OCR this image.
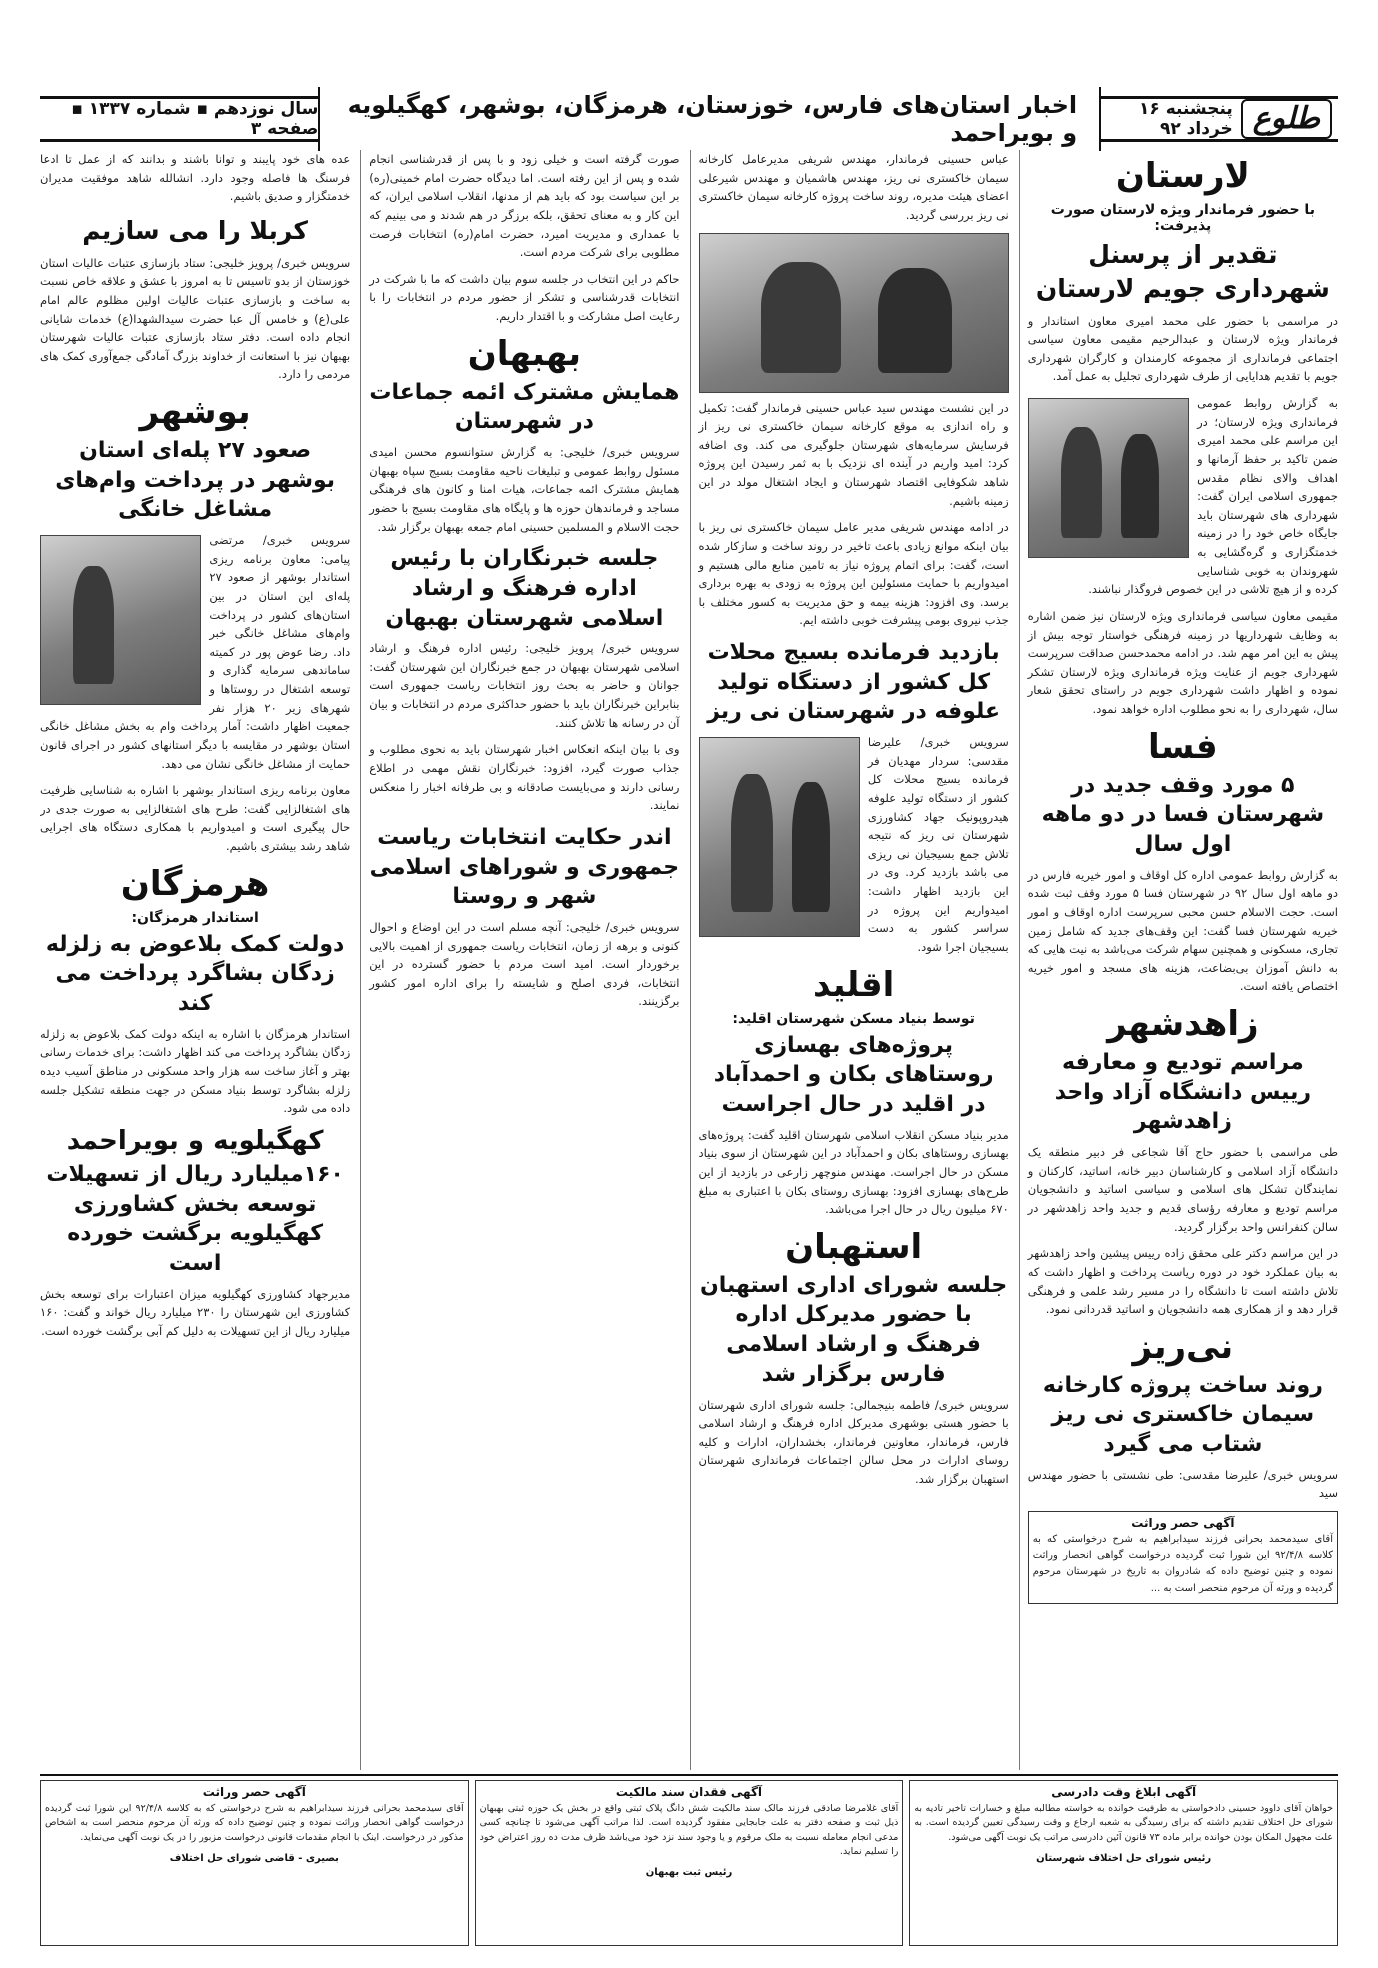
طلوع
پنجشنبه ۱۶ خرداد ۹۲
اخبار استان‌های فارس، خوزستان، هرمزگان، بوشهر، کهگیلویه و بویراحمد
سال نوزدهم ▪ شماره ۱۳۳۷ ▪ صفحه ۳
لارستان
با حضور فرماندار ویژه لارستان صورت پذیرفت:
تقدیر از پرسنل شهرداری جویم لارستان

در مراسمی با حضور علی محمد امیری معاون استاندار و فرماندار ویژه لارستان و عبدالرحیم مقیمی معاون سیاسی اجتماعی فرمانداری از مجموعه کارمندان و کارگران شهرداری جویم با تقدیم هدایایی از طرف شهرداری تجلیل به عمل آمد.

به گزارش روابط عمومی فرمانداری ویژه لارستان؛ در این مراسم علی محمد امیری ضمن تاکید بر حفظ آرمانها و اهداف والای نظام مقدس جمهوری اسلامی ایران گفت: شهرداری های شهرستان باید جایگاه خاص خود را در زمینه خدمتگزاری و گره‌گشایی به شهروندان به خوبی شناسایی کرده و از هیچ تلاشی در این خصوص فروگذار نباشند.

مقیمی معاون سیاسی فرمانداری ویژه لارستان نیز ضمن اشاره به وظایف شهرداریها در زمینه فرهنگی خواستار توجه بیش از پیش به این امر مهم شد. در ادامه محمدحسن صداقت سرپرست شهرداری جویم از عنایت ویژه فرمانداری ویژه لارستان تشکر نموده و اظهار داشت شهرداری جویم در راستای تحقق شعار سال، شهرداری را به نحو مطلوب اداره خواهد نمود.

فسا
۵ مورد وقف جدید در شهرستان فسا در دو ماهه اول سال

به گزارش روابط عمومی اداره کل اوقاف و امور خیریه فارس در دو ماهه اول سال ۹۲ در شهرستان فسا ۵ مورد وقف ثبت شده است. حجت الاسلام حسن محبی سرپرست اداره اوقاف و امور خیریه شهرستان فسا گفت: این وقف‌های جدید که شامل زمین تجاری، مسکونی و همچنین سهام شرکت می‌باشد به نیت هایی که به دانش آموزان بی‌بضاعت، هزینه های مسجد و امور خیریه اختصاص یافته است.

زاهدشهر
مراسم تودیع و معارفه رییس دانشگاه آزاد واحد زاهدشهر

طی مراسمی با حضور حاج آقا شجاعی فر دبیر منطقه یک دانشگاه آزاد اسلامی و کارشناسان دبیر خانه، اساتید، کارکنان و نمایندگان تشکل های اسلامی و سیاسی اساتید و دانشجویان مراسم تودیع و معارفه رؤسای قدیم و جدید واحد زاهدشهر در سالن کنفرانس واحد برگزار گردید.

در این مراسم دکتر علی محقق زاده رییس پیشین واحد زاهدشهر به بیان عملکرد خود در دوره ریاست پرداخت و اظهار داشت که تلاش داشته است تا دانشگاه را در مسیر رشد علمی و فرهنگی قرار دهد و از همکاری همه دانشجویان و اساتید قدردانی نمود.

نی‌ریز
روند ساخت پروژه کارخانه سیمان خاکستری نی ریز شتاب می گیرد

سرویس خبری/ علیرضا مقدسی: طی نشستی با حضور مهندس سید

آگهی حصر وراثت

آقای سیدمحمد بحرانی فرزند سیدابراهیم به شرح درخواستی که به کلاسه ۹۲/۴/۸ این شورا ثبت گردیده درخواست گواهی انحصار وراثت نموده و چنین توضیح داده که شادروان به تاریخ در شهرستان مرحوم گردیده و ورثه آن مرحوم منحصر است به ...

عباس حسینی فرماندار، مهندس شریفی مدیرعامل کارخانه سیمان خاکستری نی ریز، مهندس هاشمیان و مهندس شیرعلی اعضای هیئت مدیره، روند ساخت پروژه کارخانه سیمان خاکستری نی ریز بررسی گردید.

در این نشست مهندس سید عباس حسینی فرماندار گفت: تکمیل و راه اندازی به موقع کارخانه سیمان خاکستری نی ریز از فرسایش سرمایه‌های شهرستان جلوگیری می کند. وی اضافه کرد: امید واریم در آینده ای نزدیک با به ثمر رسیدن این پروژه شاهد شکوفایی اقتصاد شهرستان و ایجاد اشتغال مولد در این زمینه باشیم.

در ادامه مهندس شریفی مدیر عامل سیمان خاکستری نی ریز با بیان اینکه موانع زیادی باعث تاخیر در روند ساخت و سازکار شده است، گفت: برای اتمام پروژه نیاز به تامین منابع مالی هستیم و امیدواریم با حمایت مسئولین این پروژه به زودی به بهره برداری برسد. وی افزود: هزینه بیمه و حق مدیریت به کسور مختلف با جذب نیروی بومی پیشرفت خوبی داشته ایم.

بازدید فرمانده بسیج محلات کل کشور از دستگاه تولید علوفه در شهرستان نی ریز

سرویس خبری/ علیرضا مقدسی: سردار مهدیان فر فرمانده بسیج محلات کل کشور از دستگاه تولید علوفه هیدروپونیک جهاد کشاورزی شهرستان نی ریز که نتیجه تلاش جمع بسیجیان نی ریزی می باشد بازدید کرد. وی در این بازدید اظهار داشت: امیدواریم این پروژه در سراسر کشور به دست بسیجیان اجرا شود.

اقلید
توسط بنیاد مسکن شهرستان اقلید:
پروژه‌های بهسازی روستاهای بکان و احمدآباد در اقلید در حال اجراست

مدیر بنیاد مسکن انقلاب اسلامی شهرستان اقلید گفت: پروژه‌های بهسازی روستاهای بکان و احمدآباد در این شهرستان از سوی بنیاد مسکن در حال اجراست. مهندس منوچهر زارعی در بازدید از این طرح‌های بهسازی افزود: بهسازی روستای بکان با اعتباری به مبلغ ۶۷۰ میلیون ریال در حال اجرا می‌باشد.

استهبان
جلسه شورای اداری استهبان با حضور مدیرکل اداره فرهنگ و ارشاد اسلامی فارس برگزار شد

سرویس خبری/ فاطمه بنیجمالی: جلسه شورای اداری شهرستان با حضور هستی بوشهری مدیرکل اداره فرهنگ و ارشاد اسلامی فارس، فرماندار، معاونین فرماندار، بخشداران، ادارات و کلیه روسای ادارات در محل سالن اجتماعات فرمانداری شهرستان استهبان برگزار شد.

صورت گرفته است و خیلی زود و با پس از قدرشناسی انجام شده و پس از این رفته است. اما دیدگاه حضرت امام خمینی(ره) بر این سیاست بود که باید هم از مدنها، انقلاب اسلامی ایران، که این کار و به معنای تحقق، بلکه برزگر در هم شدند و می بینیم که با عمداری و مدیریت امیرد، حضرت امام(ره) انتخابات فرصت مطلوبی برای شرکت مردم است.

حاکم در این انتخاب در جلسه سوم بیان داشت که ما با شرکت در انتخابات قدرشناسی و تشکر از حضور مردم در انتخابات را با رعایت اصل مشارکت و با اقتدار داریم.

بهبهان
همایش مشترک ائمه جماعات در شهرستان

سرویس خبری/ خلیجی: به گزارش ستوانسوم محسن امیدی مسئول روابط عمومی و تبلیغات ناحیه مقاومت بسیج سپاه بهبهان همایش مشترک ائمه جماعات، هیات امنا و کانون های فرهنگی مساجد و فرماندهان حوزه ها و پایگاه های مقاومت بسیج با حضور حجت الاسلام و المسلمین حسینی امام جمعه بهبهان برگزار شد.

جلسه خبرنگاران با رئیس اداره فرهنگ و ارشاد اسلامی شهرستان بهبهان

سرویس خبری/ پرویز خلیجی: رئیس اداره فرهنگ و ارشاد اسلامی شهرستان بهبهان در جمع خبرنگاران این شهرستان گفت: جوانان و حاضر به بحث روز انتخابات ریاست جمهوری است بنابراین خبرنگاران باید با حضور حداکثری مردم در انتخابات و بیان آن در رسانه ها تلاش کنند.

وی با بیان اینکه انعکاس اخبار شهرستان باید به نحوی مطلوب و جذاب صورت گیرد، افزود: خبرنگاران نقش مهمی در اطلاع رسانی دارند و می‌بایست صادقانه و بی طرفانه اخبار را منعکس نمایند.

اندر حکایت انتخابات ریاست جمهوری و شوراهای اسلامی شهر و روستا

سرویس خبری/ خلیجی: آنچه مسلم است در این اوضاع و احوال کنونی و برهه از زمان، انتخابات ریاست جمهوری از اهمیت بالایی برخوردار است. امید است مردم با حضور گسترده در این انتخابات، فردی اصلح و شایسته را برای اداره امور کشور برگزینند.

عده های خود پایبند و توانا باشند و بدانند که از عمل تا ادعا فرسنگ ها فاصله وجود دارد. انشالله شاهد موفقیت مدیران خدمتگزار و صدیق باشیم.

کربلا را می سازیم

سرویس خبری/ پرویز خلیجی: ستاد بازسازی عتبات عالیات استان خوزستان از بدو تاسیس تا به امروز با عشق و علاقه خاص نسبت به ساخت و بازسازی عتبات عالیات اولین مظلوم عالم امام علی(ع) و خامس آل عبا حضرت سیدالشهدا(ع) خدمات شایانی انجام داده است. دفتر ستاد بازسازی عتبات عالیات شهرستان بهبهان نیز با استعانت از خداوند بزرگ آمادگی جمع‌آوری کمک های مردمی را دارد.

بوشهر
صعود ۲۷ پله‌ای استان بوشهر در پرداخت وام‌های مشاغل خانگی

سرویس خبری/ مرتضی پیامی: معاون برنامه ریزی استاندار بوشهر از صعود ۲۷ پله‌ای این استان در بین استان‌های کشور در پرداخت وام‌های مشاغل خانگی خبر داد. رضا عوض پور در کمیته ساماندهی سرمایه گذاری و توسعه اشتغال در روستاها و شهرهای زیر ۲۰ هزار نفر جمعیت اظهار داشت: آمار پرداخت وام به بخش مشاغل خانگی استان بوشهر در مقایسه با دیگر استانهای کشور در اجرای قانون حمایت از مشاغل خانگی نشان می دهد.

معاون برنامه ریزی استاندار بوشهر با اشاره به شناسایی ظرفیت های اشتغالزایی گفت: طرح های اشتغالزایی به صورت جدی در حال پیگیری است و امیدواریم با همکاری دستگاه های اجرایی شاهد رشد بیشتری باشیم.

هرمزگان
استاندار هرمزگان:
دولت کمک بلاعوض به زلزله زدگان بشاگرد پرداخت می کند

استاندار هرمزگان با اشاره به اینکه دولت کمک بلاعوض به زلزله زدگان بشاگرد پرداخت می کند اظهار داشت: برای خدمات رسانی بهتر و آغاز ساخت سه هزار واحد مسکونی در مناطق آسیب دیده زلزله بشاگرد توسط بنیاد مسکن در جهت منطقه تشکیل جلسه داده می شود.

کهگیلویه و بویراحمد
۱۶۰میلیارد ریال از تسهیلات توسعه بخش کشاورزی کهگیلویه برگشت خورده است

مدیرجهاد کشاورزی کهگیلویه میزان اعتبارات برای توسعه بخش کشاورزی این شهرستان را ۲۳۰ میلیارد ریال خواند و گفت: ۱۶۰ میلیارد ریال از این تسهیلات به دلیل کم آبی برگشت خورده است.

آگهی ابلاغ وقت دادرسی

خواهان آقای داوود حسینی دادخواستی به طرفیت خوانده به خواسته مطالبه مبلغ و خسارات تاخیر تادیه به شورای حل اختلاف تقدیم داشته که برای رسیدگی به شعبه ارجاع و وقت رسیدگی تعیین گردیده است. به علت مجهول المکان بودن خوانده برابر ماده ۷۳ قانون آئین دادرسی مراتب یک نوبت آگهی می‌شود.

رئیس شورای حل اختلاف شهرستان
آگهی فقدان سند مالکیت

آقای غلامرضا صادقی فرزند مالک سند مالکیت شش دانگ پلاک ثبتی واقع در بخش یک حوزه ثبتی بهبهان ذیل ثبت و صفحه دفتر به علت جابجایی مفقود گردیده است. لذا مراتب آگهی می‌شود تا چنانچه کسی مدعی انجام معامله نسبت به ملک مرقوم و یا وجود سند نزد خود می‌باشد ظرف مدت ده روز اعتراض خود را تسلیم نماید.

رئیس ثبت بهبهان
آگهی حصر وراثت

آقای سیدمحمد بحرانی فرزند سیدابراهیم به شرح درخواستی که به کلاسه ۹۲/۴/۸ این شورا ثبت گردیده درخواست گواهی انحصار وراثت نموده و چنین توضیح داده که ورثه آن مرحوم منحصر است به اشخاص مذکور در درخواست. اینک با انجام مقدمات قانونی درخواست مزبور را در یک نوبت آگهی می‌نماید.

بصیری - قاضی شورای حل اختلاف
